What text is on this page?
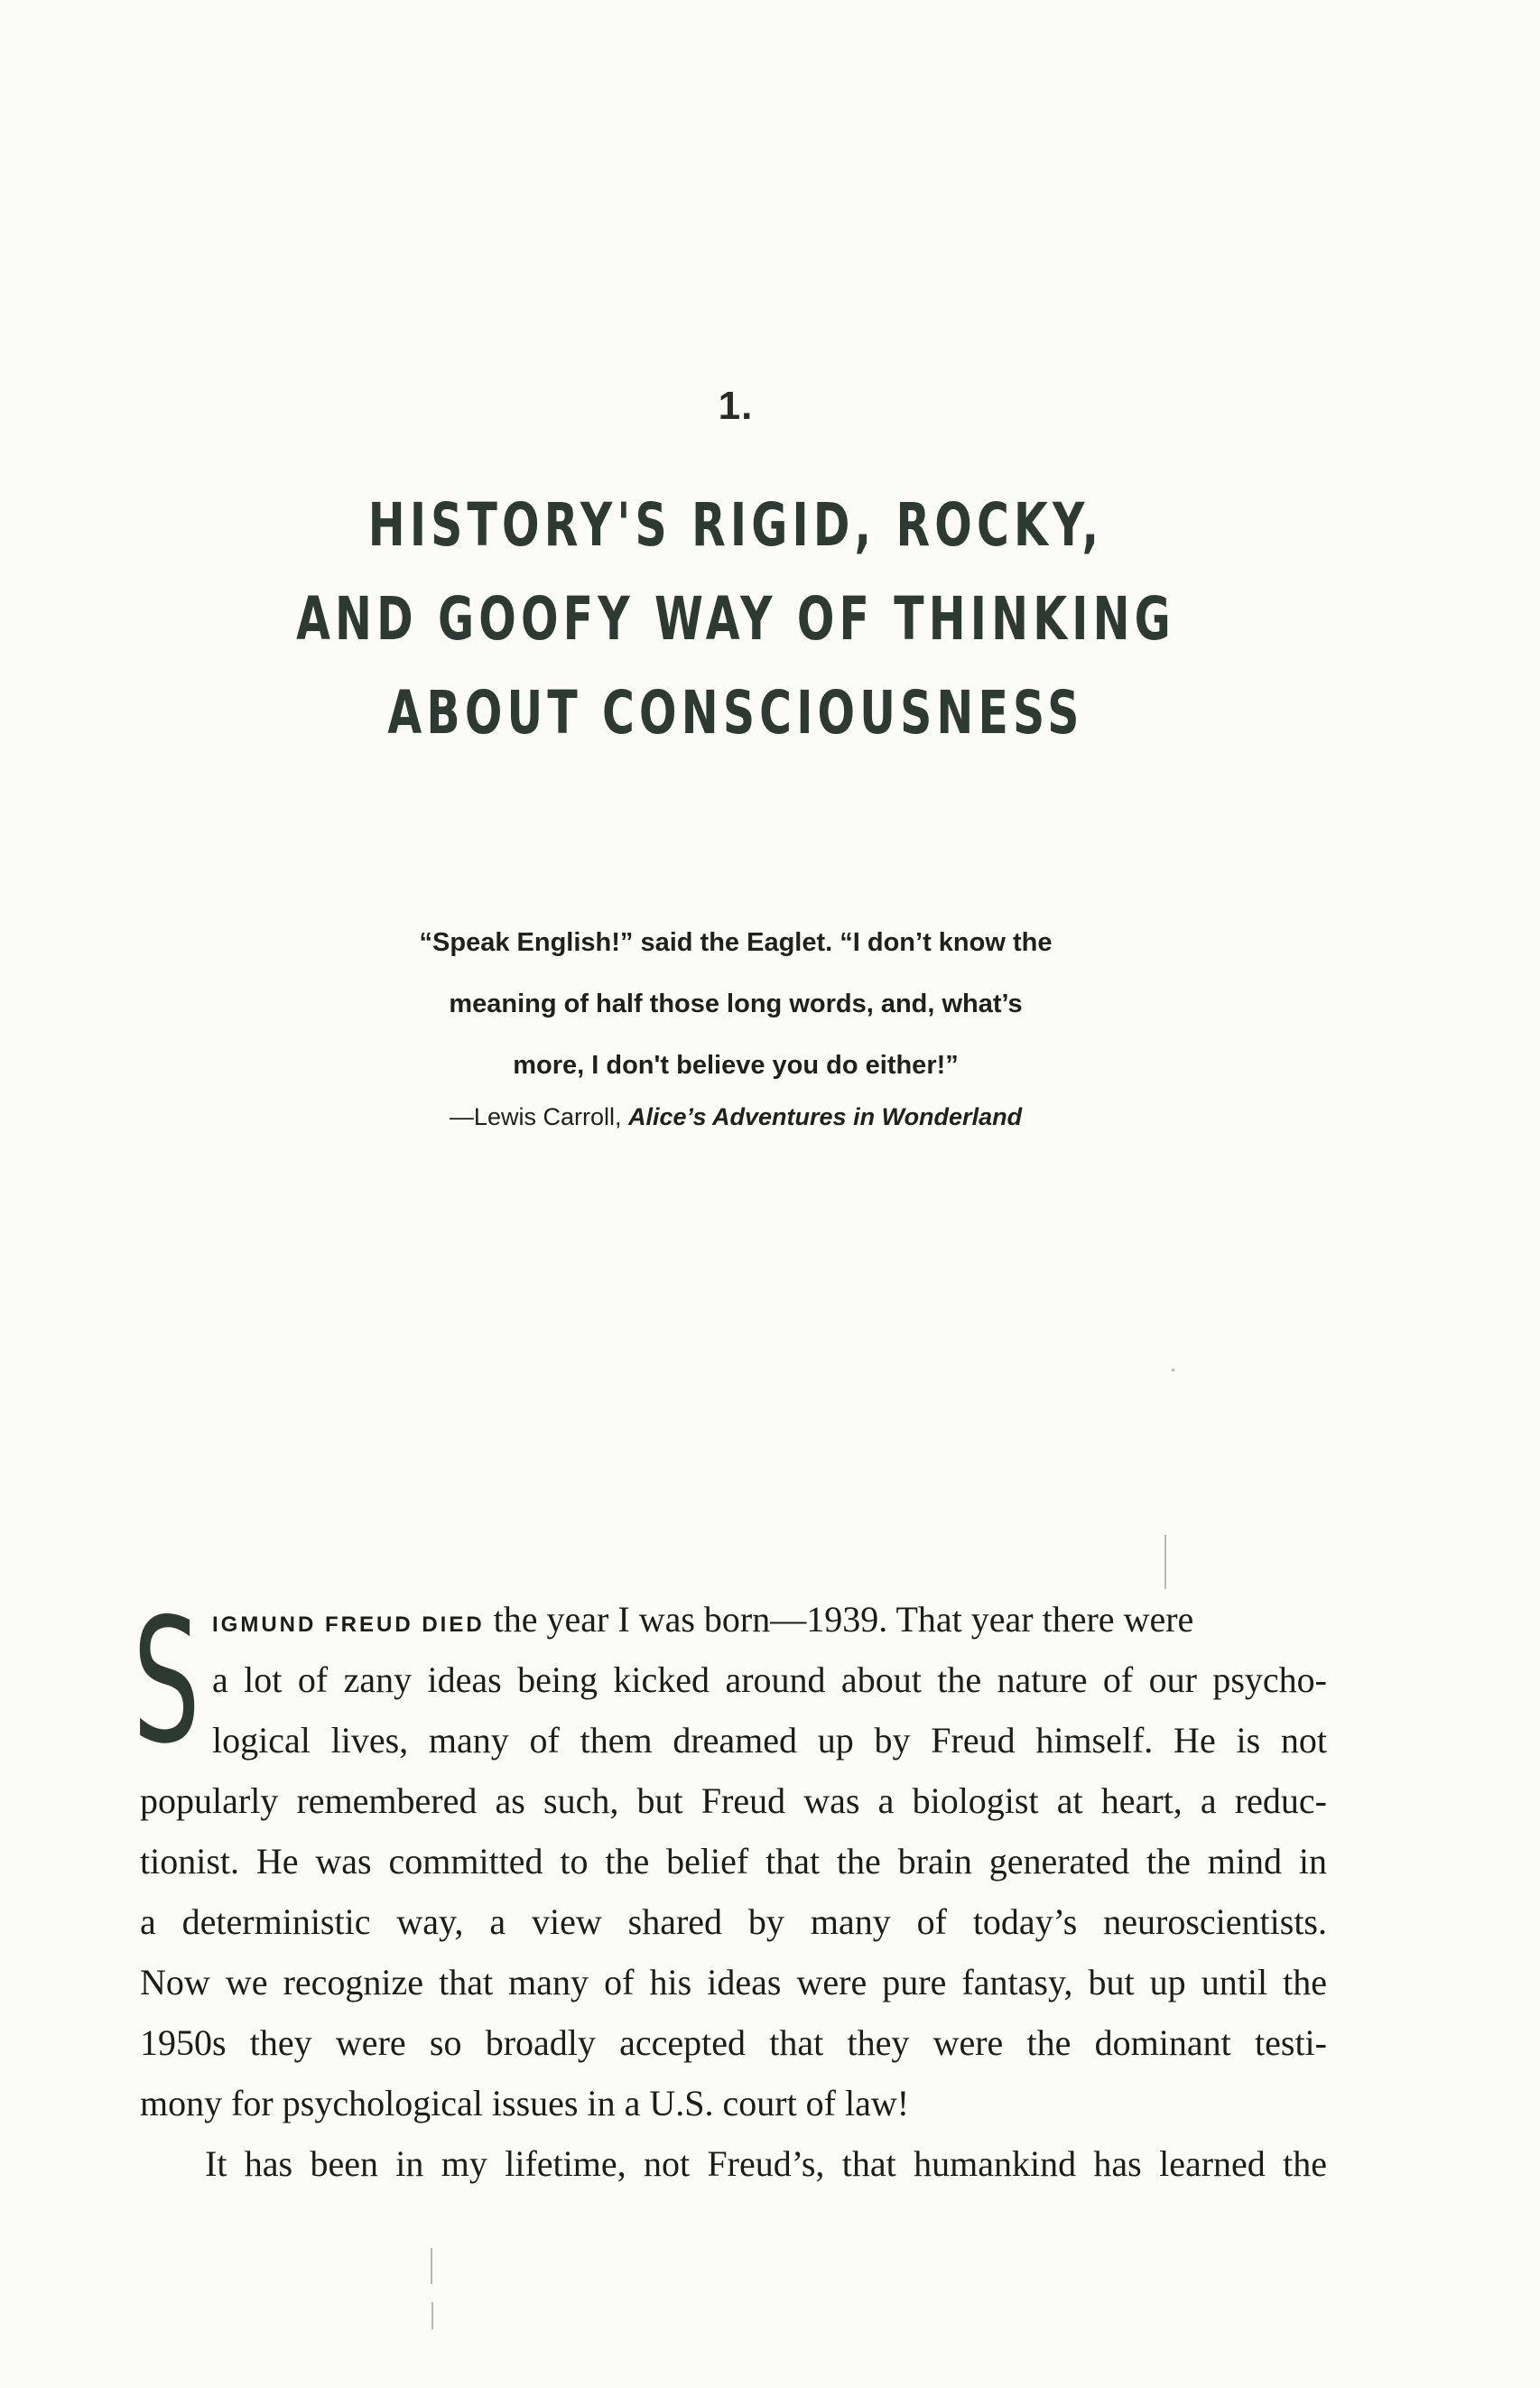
1.
HISTORY'S RIGID, ROCKY,
AND GOOFY WAY OF THINKING
ABOUT CONSCIOUSNESS
“Speak English!” said the Eaglet. “I don’t know the
meaning of half those long words, and, what’s
more, I don't believe you do either!”
—Lewis Carroll, Alice’s Adventures in Wonderland
S IGMUND FREUD DIED the year I was born—1939. That year there were
a lot of zany ideas being kicked around about the nature of our psycho-
logical lives, many of them dreamed up by Freud himself. He is not
popularly remembered as such, but Freud was a biologist at heart, a reduc-
tionist. He was committed to the belief that the brain generated the mind in
a deterministic way, a view shared by many of today’s neuroscientists.
Now we recognize that many of his ideas were pure fantasy, but up until the
1950s they were so broadly accepted that they were the dominant testi-
mony for psychological issues in a U.S. court of law!
It has been in my lifetime, not Freud’s, that humankind has learned the
